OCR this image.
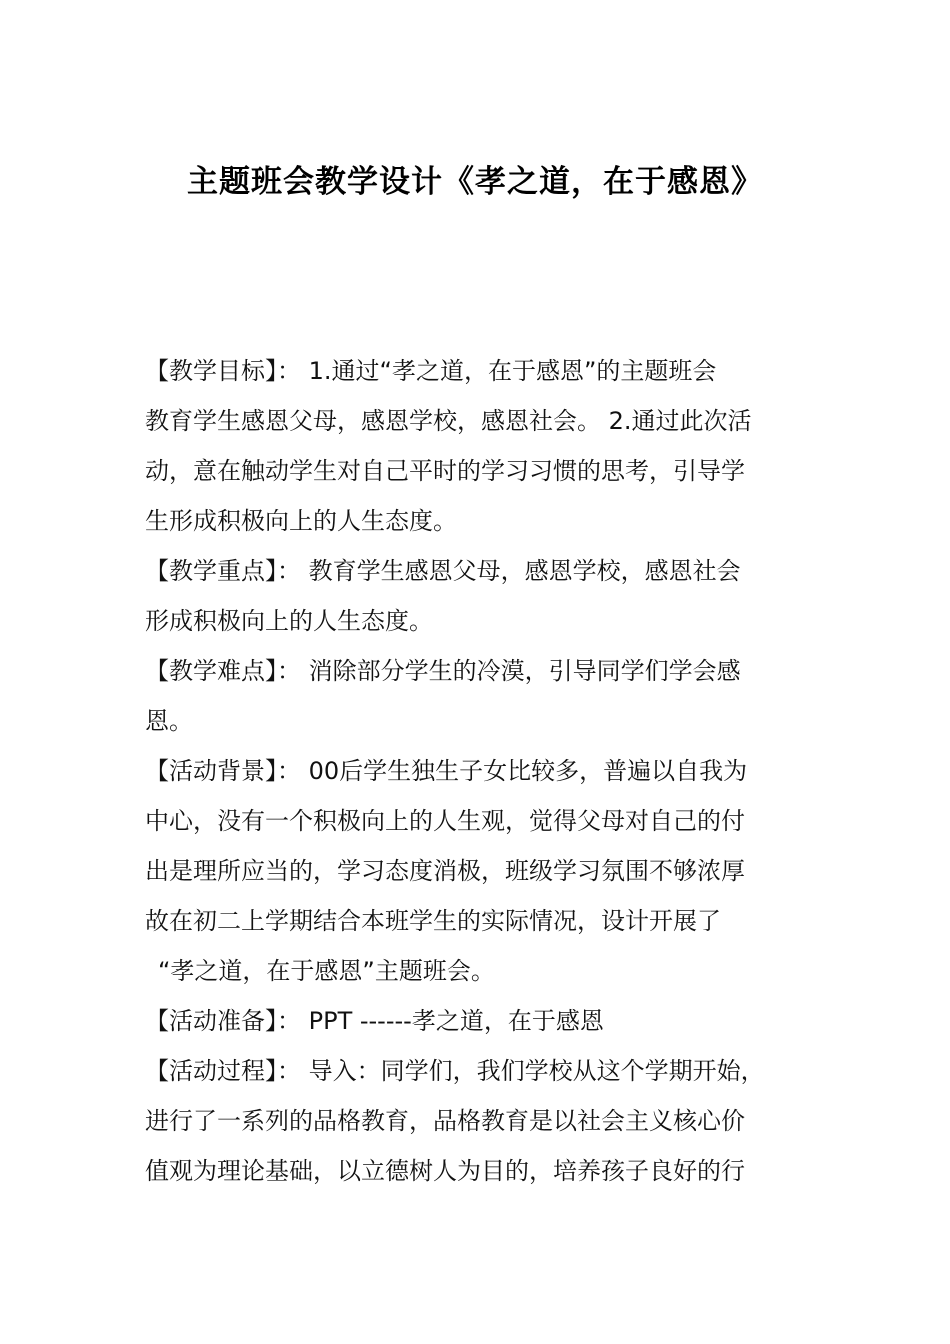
主题班会教学设计《孝之道，在于感恩》
【教学目标】： 1.通过“孝之道，在于感恩”的主题班会
教育学生感恩父母，感恩学校，感恩社会。 2.通过此次活
动，意在触动学生对自己平时的学习习惯的思考，引导学
生形成积极向上的人生态度。
【教学重点】： 教育学生感恩父母，感恩学校，感恩社会
形成积极向上的人生态度。
【教学难点】： 消除部分学生的冷漠，引导同学们学会感
恩。
【活动背景】： 00后学生独生子女比较多，普遍以自我为
中心，没有一个积极向上的人生观，觉得父母对自己的付
出是理所应当的，学习态度消极，班级学习氛围不够浓厚
故在初二上学期结合本班学生的实际情况，设计开展了
“孝之道，在于感恩”主题班会。
【活动准备】： PPT ------孝之道，在于感恩
【活动过程】： 导入：同学们，我们学校从这个学期开始，
进行了一系列的品格教育，品格教育是以社会主义核心价
值观为理论基础，以立德树人为目的，培养孩子良好的行
